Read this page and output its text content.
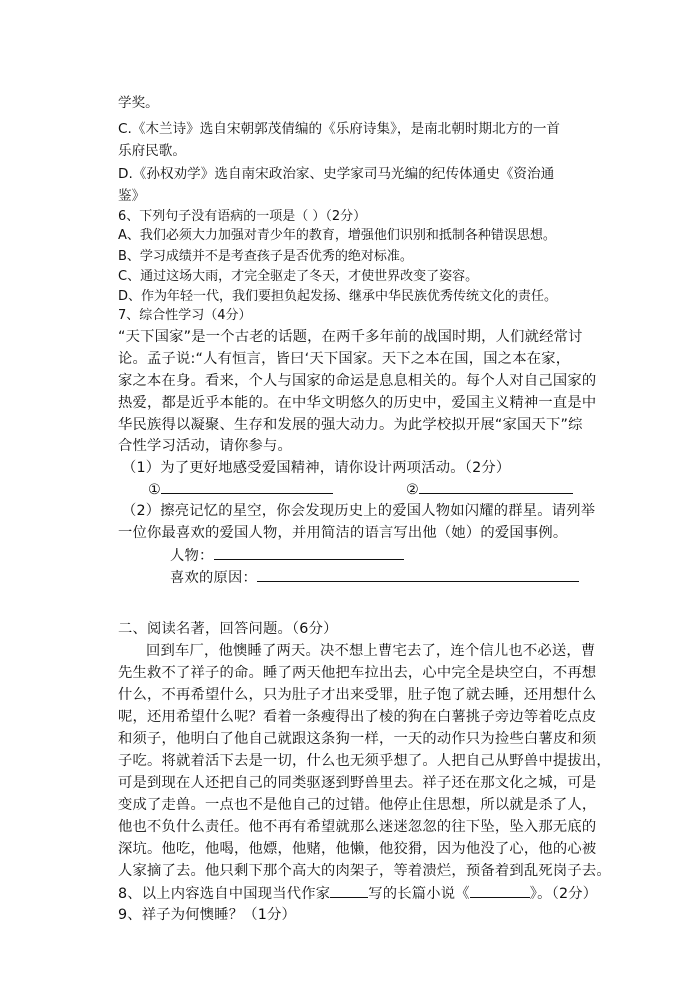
学奖。
C.《木兰诗》选自宋朝郭茂倩编的《乐府诗集》，是南北朝时期北方的一首
乐府民歌。
D.《孙权劝学》选自南宋政治家、史学家司马光编的纪传体通史《资治通
鉴》
6、下列句子没有语病的一项是（ ）（2分）
A、我们必须大力加强对青少年的教育，增强他们识别和抵制各种错误思想。
B、学习成绩并不是考查孩子是否优秀的绝对标准。
C、通过这场大雨，才完全驱走了冬天，才使世界改变了姿容。
D、作为年轻一代，我们要担负起发扬、继承中华民族优秀传统文化的责任。
7、综合性学习（4分）
“天下国家”是一个古老的话题，在两千多年前的战国时期，人们就经常讨
论。孟子说:“人有恒言，皆曰‘天下国家。天下之本在国，国之本在家，
家之本在身。看来，个人与国家的命运是息息相关的。每个人对自己国家的
热爱，都是近乎本能的。在中华文明悠久的历史中，爱国主义精神一直是中
华民族得以凝聚、生存和发展的强大动力。为此学校拟开展“家国天下”综
合性学习活动，请你参与。
（1）为了更好地感受爱国精神，请你设计两项活动。（2分）
①	②
（2）擦亮记忆的星空，你会发现历史上的爱国人物如闪耀的群星。请列举
一位你最喜欢的爱国人物，并用简洁的语言写出他（她）的爱国事例。
人物：
喜欢的原因：
二、阅读名著，回答问题。（6分）
回到车厂，他懊睡了两天。决不想上曹宅去了，连个信儿也不必送，曹
先生救不了祥子的命。睡了两天他把车拉出去，心中完全是块空白，不再想
什么，不再希望什么，只为肚子才出来受罪，肚子饱了就去睡，还用想什么
呢，还用希望什么呢？看着一条瘦得出了棱的狗在白薯挑子旁边等着吃点皮
和须子，他明白了他自己就跟这条狗一样，一天的动作只为捡些白薯皮和须
子吃。将就着活下去是一切，什么也无须乎想了。人把自己从野兽中提拔出，
可是到现在人还把自己的同类驱逐到野兽里去。祥子还在那文化之城，可是
变成了走兽。一点也不是他自己的过错。他停止住思想，所以就是杀了人，
他也不负什么责任。他不再有希望就那么迷迷忽忽的往下坠，坠入那无底的
深坑。他吃，他喝，他嫖，他赌，他懒，他狡猾，因为他没了心，他的心被
人家摘了去。他只剩下那个高大的肉架子，等着溃烂，预备着到乱死岗子去。
8、以上内容选自中国现当代作家	写的长篇小说《	》。（2分）
9、祥子为何懊睡？（1分）
